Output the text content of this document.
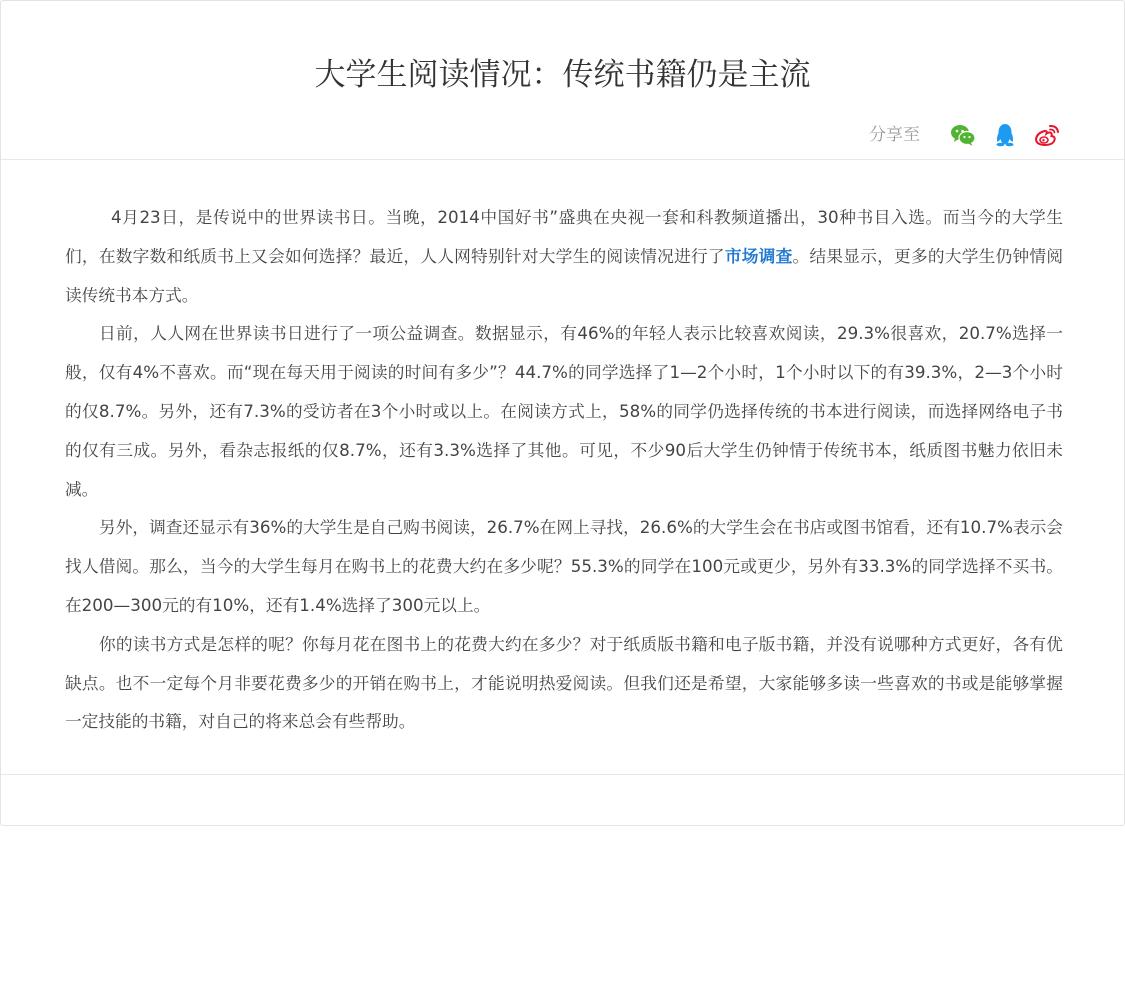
大学生阅读情况：传统书籍仍是主流
分享至

4月23日，是传说中的世界读书日。当晚，2014中国好书”盛典在央视一套和科教频道播出，30种书目入选。而当今的大学生们，在数字数和纸质书上又会如何选择？最近，人人网特别针对大学生的阅读情况进行了市场调查。结果显示，更多的大学生仍钟情阅读传统书本方式。

日前，人人网在世界读书日进行了一项公益调查。数据显示，有46%的年轻人表示比较喜欢阅读，29.3%很喜欢，20.7%选择一般，仅有4%不喜欢。而“现在每天用于阅读的时间有多少”？44.7%的同学选择了1—2个小时，1个小时以下的有39.3%，2—3个小时的仅8.7%。另外，还有7.3%的受访者在3个小时或以上。在阅读方式上，58%的同学仍选择传统的书本进行阅读，而选择网络电子书的仅有三成。另外，看杂志报纸的仅8.7%，还有3.3%选择了其他。可见，不少90后大学生仍钟情于传统书本，纸质图书魅力依旧未减。

另外，调查还显示有36%的大学生是自己购书阅读，26.7%在网上寻找，26.6%的大学生会在书店或图书馆看，还有10.7%表示会找人借阅。那么，当今的大学生每月在购书上的花费大约在多少呢？55.3%的同学在100元或更少，另外有33.3%的同学选择不买书。在200—300元的有10%，还有1.4%选择了300元以上。

你的读书方式是怎样的呢？你每月花在图书上的花费大约在多少？对于纸质版书籍和电子版书籍，并没有说哪种方式更好，各有优缺点。也不一定每个月非要花费多少的开销在购书上，才能说明热爱阅读。但我们还是希望，大家能够多读一些喜欢的书或是能够掌握一定技能的书籍，对自己的将来总会有些帮助。
